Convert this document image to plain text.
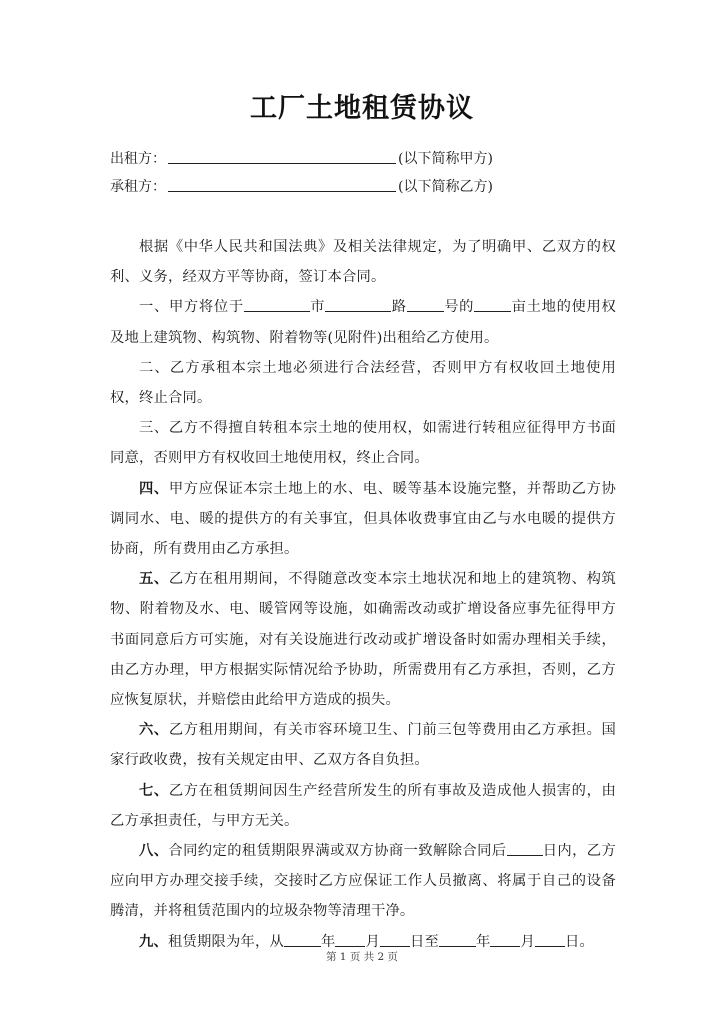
工厂土地租赁协议
出租方：	(以下简称甲方)
承租方：	(以下简称乙方)

根据《中华人民共和国法典》及相关法律规定，为了明确甲、乙双方的权利、义务，经双方平等协商，签订本合同。

一、甲方将位于	市	路	号的	亩土地的使用权及地上建筑物、构筑物、附着物等(见附件)出租给乙方使用。

二、乙方承租本宗土地必须进行合法经营，否则甲方有权收回土地使用权，终止合同。

三、乙方不得擅自转租本宗土地的使用权，如需进行转租应征得甲方书面同意，否则甲方有权收回土地使用权，终止合同。

四、甲方应保证本宗土地上的水、电、暖等基本设施完整，并帮助乙方协调同水、电、暖的提供方的有关事宜，但具体收费事宜由乙与水电暖的提供方协商，所有费用由乙方承担。

五、乙方在租用期间，不得随意改变本宗土地状况和地上的建筑物、构筑物、附着物及水、电、暖管网等设施，如确需改动或扩增设备应事先征得甲方书面同意后方可实施，对有关设施进行改动或扩增设备时如需办理相关手续，由乙方办理，甲方根据实际情况给予协助，所需费用有乙方承担，否则，乙方应恢复原状，并赔偿由此给甲方造成的损失。

六、乙方租用期间，有关市容环境卫生、门前三包等费用由乙方承担。国家行政收费，按有关规定由甲、乙双方各自负担。

七、乙方在租赁期间因生产经营所发生的所有事故及造成他人损害的，由乙方承担责任，与甲方无关。

八、合同约定的租赁期限界满或双方协商一致解除合同后	日内，乙方应向甲方办理交接手续，交接时乙方应保证工作人员撤离、将属于自己的设备腾清，并将租赁范围内的垃圾杂物等清理干净。

九、租赁期限为年，从	年 月 日至	年 月 日。

第 1 页 共 2 页
